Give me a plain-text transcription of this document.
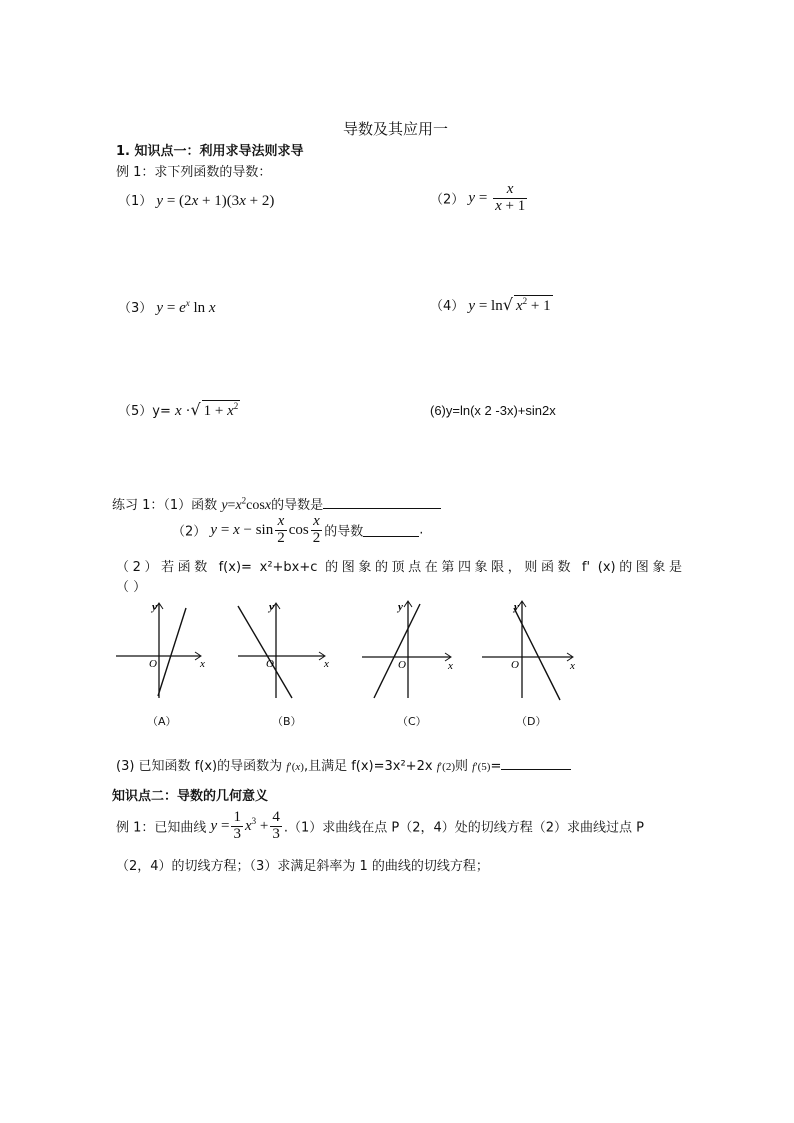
导数及其应用一
1. 知识点一：利用求导法则求导
例 1：求下列函数的导数：
（1） y = (2x + 1)(3x + 2)	（2） $y = \frac{x}{x + 1}$
（3） $y = e^x$ ln x	（4） y = ln√ $x^2 + 1$
（5）y= x ·√ $1 + x^2$	(6)y=ln(x 2 -3x)+sin2x
练习 1：（1）函数 $y=x^2\cos x$的导数是
（2） $y = x - \sin \frac{x}{2}$ $\cos \frac{x}{2}$ 的导数	.
（2）若函数 f(x)= x²+bx+c 的图象的顶点在第四象限，则函数 f' (x)的图象是
（ ）
y
x
O
（A）
y
x
O
（B）
y
x
O
（C）
y
x
O
（D）
(3) 已知函数 f(x)的导函数为 f′(x),且满足 f(x)=3x²+2x f′(2)则 f′(5)=
知识点二：导数的几何意义
例 1：已知曲线 $y = \frac{1}{3} x^3 + \frac{4}{3} .(1)$求曲线在点 P（2，4）处的切线方程（2）求曲线过点 P
（2，4）的切线方程；（3）求满足斜率为 1 的曲线的切线方程；
